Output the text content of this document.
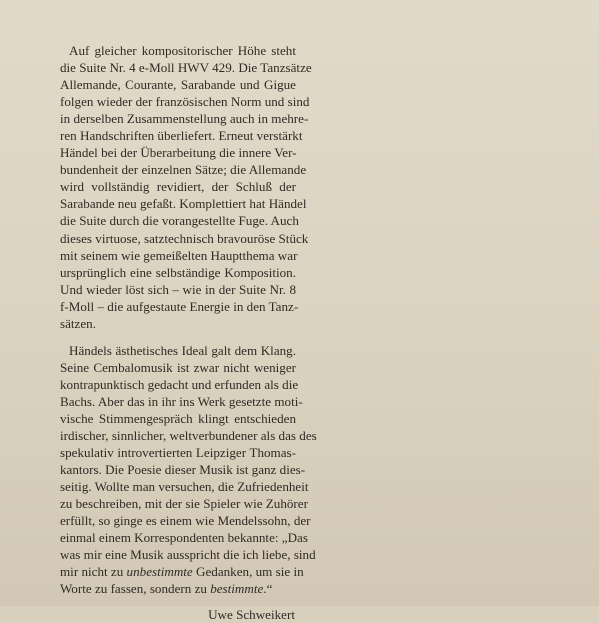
Auf gleicher kompositorischer Höhe steht

die Suite Nr. 4 e-Moll HWV 429. Die Tanzsätze

Allemande, Courante, Sarabande und Gigue

folgen wieder der französischen Norm und sind

in derselben Zusammenstellung auch in mehre-

ren Handschriften überliefert. Erneut verstärkt

Händel bei der Überarbeitung die innere Ver-

bundenheit der einzelnen Sätze; die Allemande

wird vollständig revidiert, der Schluß der

Sarabande neu gefaßt. Komplettiert hat Händel

die Suite durch die vorangestellte Fuge. Auch

dieses virtuose, satztechnisch bravouröse Stück

mit seinem wie gemeißelten Hauptthema war

ursprünglich eine selbständige Komposition.

Und wieder löst sich – wie in der Suite Nr. 8

f-Moll – die aufgestaute Energie in den Tanz-

sätzen.

Händels ästhetisches Ideal galt dem Klang.

Seine Cembalomusik ist zwar nicht weniger

kontrapunktisch gedacht und erfunden als die

Bachs. Aber das in ihr ins Werk gesetzte moti-

vische Stimmengespräch klingt entschieden

irdischer, sinnlicher, weltverbundener als das des

spekulativ introvertierten Leipziger Thomas-

kantors. Die Poesie dieser Musik ist ganz dies-

seitig. Wollte man versuchen, die Zufriedenheit

zu beschreiben, mit der sie Spieler wie Zuhörer

erfüllt, so ginge es einem wie Mendelssohn, der

einmal einem Korrespondenten bekannte: „Das

was mir eine Musik ausspricht die ich liebe, sind

mir nicht zu unbestimmte Gedanken, um sie in

Worte zu fassen, sondern zu bestimmte.“

Uwe Schweikert
